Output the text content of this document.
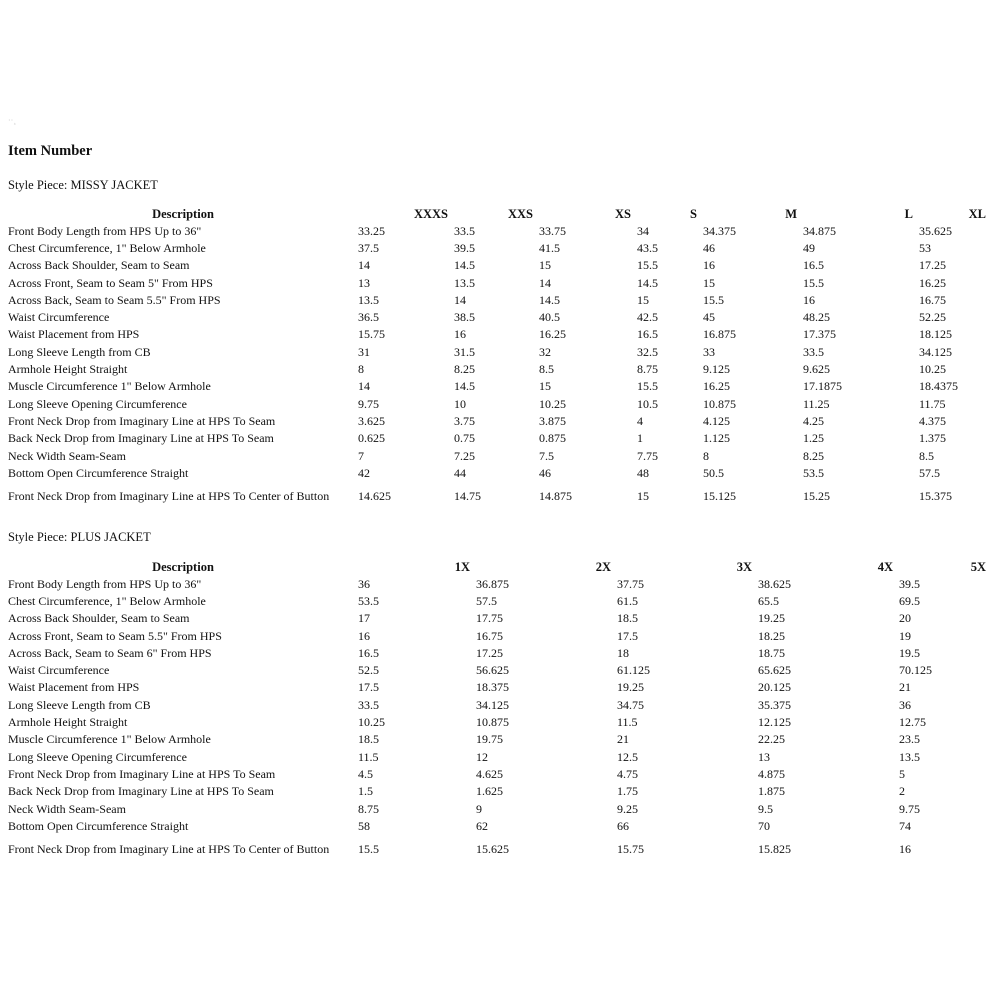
··¸
Item Number
Style Piece: MISSY JACKET
Description	XXXS	XXS	XS	S	M	L	XL
Front Body Length from HPS Up to 36"	33.25	33.5	33.75	34	34.375	34.875	35.625
Chest Circumference, 1" Below Armhole	37.5	39.5	41.5	43.5	46	49	53
Across Back Shoulder, Seam to Seam	14	14.5	15	15.5	16	16.5	17.25
Across Front, Seam to Seam 5" From HPS	13	13.5	14	14.5	15	15.5	16.25
Across Back, Seam to Seam 5.5" From HPS	13.5	14	14.5	15	15.5	16	16.75
Waist Circumference	36.5	38.5	40.5	42.5	45	48.25	52.25
Waist Placement from HPS	15.75	16	16.25	16.5	16.875	17.375	18.125
Long Sleeve Length from CB	31	31.5	32	32.5	33	33.5	34.125
Armhole Height Straight	8	8.25	8.5	8.75	9.125	9.625	10.25
Muscle Circumference 1" Below Armhole	14	14.5	15	15.5	16.25	17.1875	18.4375
Long Sleeve Opening Circumference	9.75	10	10.25	10.5	10.875	11.25	11.75
Front Neck Drop from Imaginary Line at HPS To Seam	3.625	3.75	3.875	4	4.125	4.25	4.375
Back Neck Drop from Imaginary Line at HPS To Seam	0.625	0.75	0.875	1	1.125	1.25	1.375
Neck Width Seam-Seam	7	7.25	7.5	7.75	8	8.25	8.5
Bottom Open Circumference Straight	42	44	46	48	50.5	53.5	57.5
Front Neck Drop from Imaginary Line at HPS To Center of Button	14.625	14.75	14.875	15	15.125	15.25	15.375
Style Piece: PLUS JACKET
Description	1X	2X	3X	4X	5X
Front Body Length from HPS Up to 36"	36	36.875	37.75	38.625	39.5
Chest Circumference, 1" Below Armhole	53.5	57.5	61.5	65.5	69.5
Across Back Shoulder, Seam to Seam	17	17.75	18.5	19.25	20
Across Front, Seam to Seam 5.5" From HPS	16	16.75	17.5	18.25	19
Across Back, Seam to Seam 6" From HPS	16.5	17.25	18	18.75	19.5
Waist Circumference	52.5	56.625	61.125	65.625	70.125
Waist Placement from HPS	17.5	18.375	19.25	20.125	21
Long Sleeve Length from CB	33.5	34.125	34.75	35.375	36
Armhole Height Straight	10.25	10.875	11.5	12.125	12.75
Muscle Circumference 1" Below Armhole	18.5	19.75	21	22.25	23.5
Long Sleeve Opening Circumference	11.5	12	12.5	13	13.5
Front Neck Drop from Imaginary Line at HPS To Seam	4.5	4.625	4.75	4.875	5
Back Neck Drop from Imaginary Line at HPS To Seam	1.5	1.625	1.75	1.875	2
Neck Width Seam-Seam	8.75	9	9.25	9.5	9.75
Bottom Open Circumference Straight	58	62	66	70	74
Front Neck Drop from Imaginary Line at HPS To Center of Button	15.5	15.625	15.75	15.825	16
